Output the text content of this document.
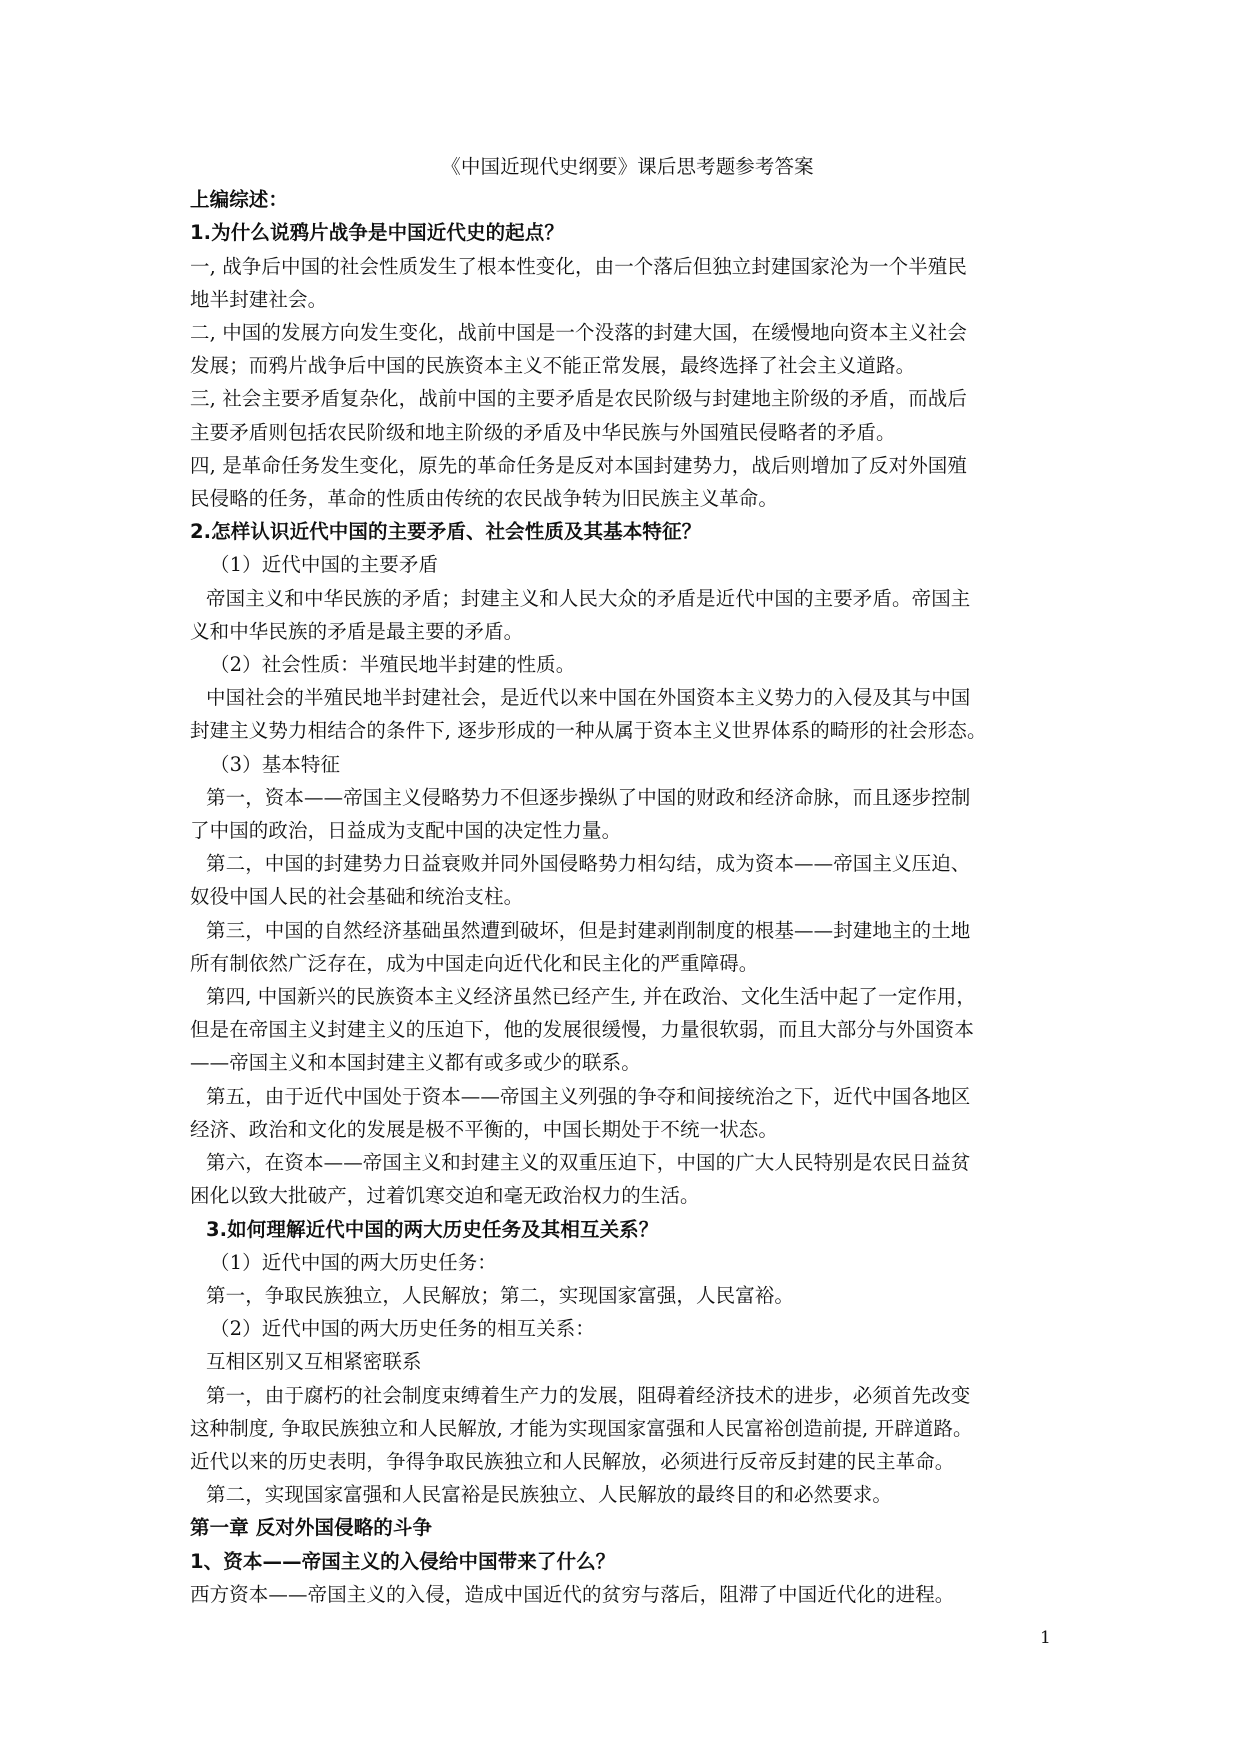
《中国近现代史纲要》课后思考题参考答案
上编综述：
1.为什么说鸦片战争是中国近代史的起点？
一, 战争后中国的社会性质发生了根本性变化，由一个落后但独立封建国家沦为一个半殖民
地半封建社会。
二, 中国的发展方向发生变化，战前中国是一个没落的封建大国，在缓慢地向资本主义社会
发展；而鸦片战争后中国的民族资本主义不能正常发展，最终选择了社会主义道路。
三, 社会主要矛盾复杂化，战前中国的主要矛盾是农民阶级与封建地主阶级的矛盾，而战后
主要矛盾则包括农民阶级和地主阶级的矛盾及中华民族与外国殖民侵略者的矛盾。
四, 是革命任务发生变化，原先的革命任务是反对本国封建势力，战后则增加了反对外国殖
民侵略的任务，革命的性质由传统的农民战争转为旧民族主义革命。
2.怎样认识近代中国的主要矛盾、社会性质及其基本特征？
（1）近代中国的主要矛盾
帝国主义和中华民族的矛盾；封建主义和人民大众的矛盾是近代中国的主要矛盾。帝国主
义和中华民族的矛盾是最主要的矛盾。
（2）社会性质：半殖民地半封建的性质。
中国社会的半殖民地半封建社会，是近代以来中国在外国资本主义势力的入侵及其与中国
封建主义势力相结合的条件下, 逐步形成的一种从属于资本主义世界体系的畸形的社会形态。
（3）基本特征
第一，资本——帝国主义侵略势力不但逐步操纵了中国的财政和经济命脉，而且逐步控制
了中国的政治，日益成为支配中国的决定性力量。
第二，中国的封建势力日益衰败并同外国侵略势力相勾结，成为资本——帝国主义压迫、
奴役中国人民的社会基础和统治支柱。
第三，中国的自然经济基础虽然遭到破坏，但是封建剥削制度的根基——封建地主的土地
所有制依然广泛存在，成为中国走向近代化和民主化的严重障碍。
第四, 中国新兴的民族资本主义经济虽然已经产生, 并在政治、文化生活中起了一定作用，
但是在帝国主义封建主义的压迫下，他的发展很缓慢，力量很软弱，而且大部分与外国资本
——帝国主义和本国封建主义都有或多或少的联系。
第五，由于近代中国处于资本——帝国主义列强的争夺和间接统治之下，近代中国各地区
经济、政治和文化的发展是极不平衡的，中国长期处于不统一状态。
第六，在资本——帝国主义和封建主义的双重压迫下，中国的广大人民特别是农民日益贫
困化以致大批破产，过着饥寒交迫和毫无政治权力的生活。
3.如何理解近代中国的两大历史任务及其相互关系？
（1）近代中国的两大历史任务：
第一，争取民族独立，人民解放；第二，实现国家富强，人民富裕。
（2）近代中国的两大历史任务的相互关系：
互相区别又互相紧密联系
第一，由于腐朽的社会制度束缚着生产力的发展，阻碍着经济技术的进步，必须首先改变
这种制度, 争取民族独立和人民解放, 才能为实现国家富强和人民富裕创造前提, 开辟道路。
近代以来的历史表明，争得争取民族独立和人民解放，必须进行反帝反封建的民主革命。
第二，实现国家富强和人民富裕是民族独立、人民解放的最终目的和必然要求。
第一章 反对外国侵略的斗争
1、资本——帝国主义的入侵给中国带来了什么？
西方资本——帝国主义的入侵，造成中国近代的贫穷与落后，阻滞了中国近代化的进程。
1
